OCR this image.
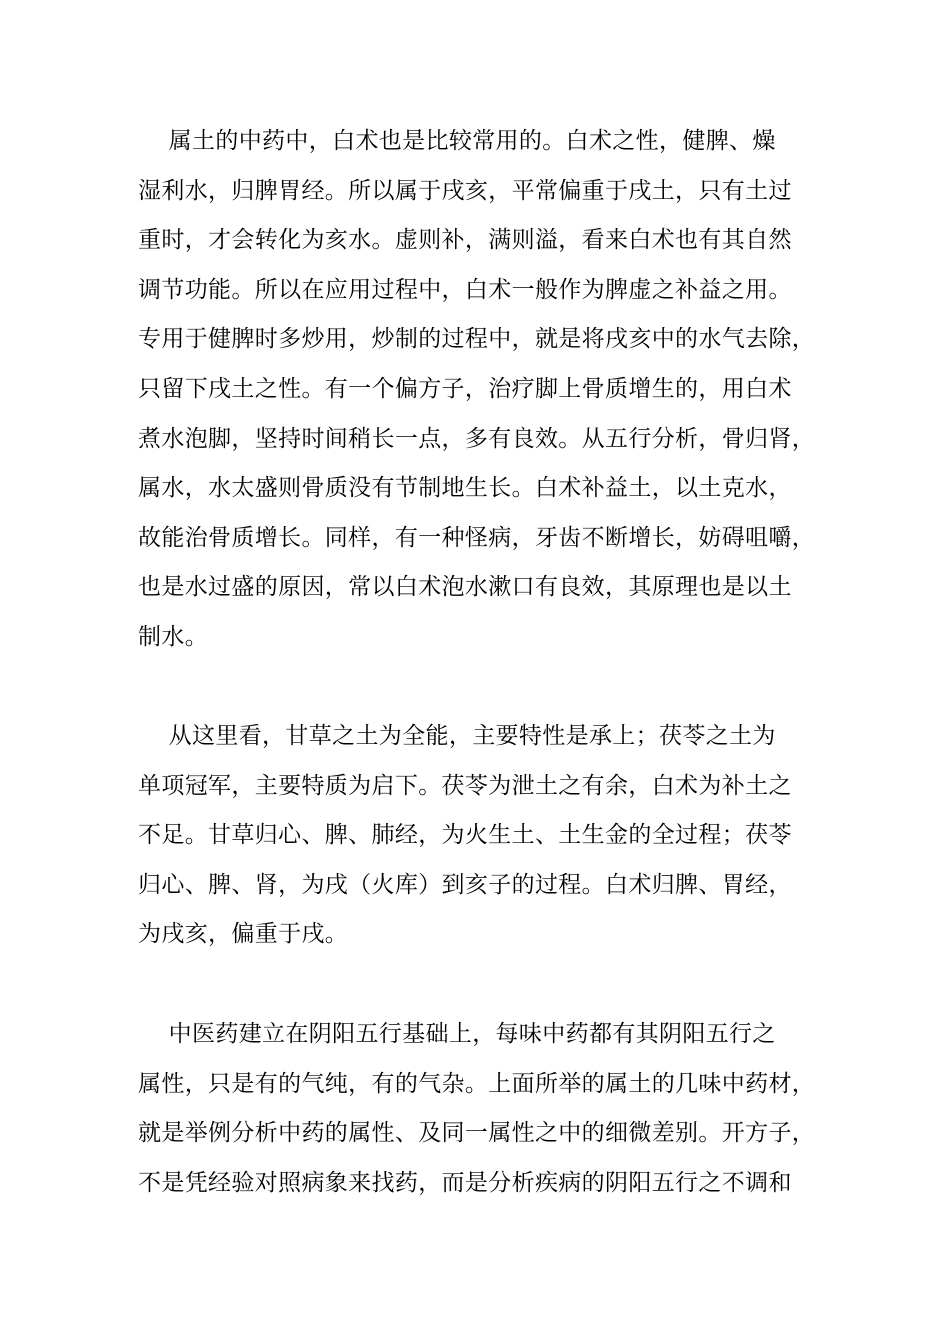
属土的中药中，白术也是比较常用的。白术之性，健脾、燥
湿利水，归脾胃经。所以属于戌亥，平常偏重于戌土，只有土过
重时，才会转化为亥水。虚则补，满则溢，看来白术也有其自然
调节功能。所以在应用过程中，白术一般作为脾虚之补益之用。
专用于健脾时多炒用，炒制的过程中，就是将戌亥中的水气去除，
只留下戌土之性。有一个偏方子，治疗脚上骨质增生的，用白术
煮水泡脚，坚持时间稍长一点，多有良效。从五行分析，骨归肾，
属水，水太盛则骨质没有节制地生长。白术补益土，以土克水，
故能治骨质增长。同样，有一种怪病，牙齿不断增长，妨碍咀嚼，
也是水过盛的原因，常以白术泡水漱口有良效，其原理也是以土
制水。
从这里看，甘草之土为全能，主要特性是承上；茯苓之土为
单项冠军，主要特质为启下。茯苓为泄土之有余，白术为补土之
不足。甘草归心、脾、肺经，为火生土、土生金的全过程；茯苓
归心、脾、肾，为戌（火库）到亥子的过程。白术归脾、胃经，
为戌亥，偏重于戌。
中医药建立在阴阳五行基础上，每味中药都有其阴阳五行之
属性，只是有的气纯，有的气杂。上面所举的属土的几味中药材，
就是举例分析中药的属性、及同一属性之中的细微差别。开方子，
不是凭经验对照病象来找药，而是分析疾病的阴阳五行之不调和
